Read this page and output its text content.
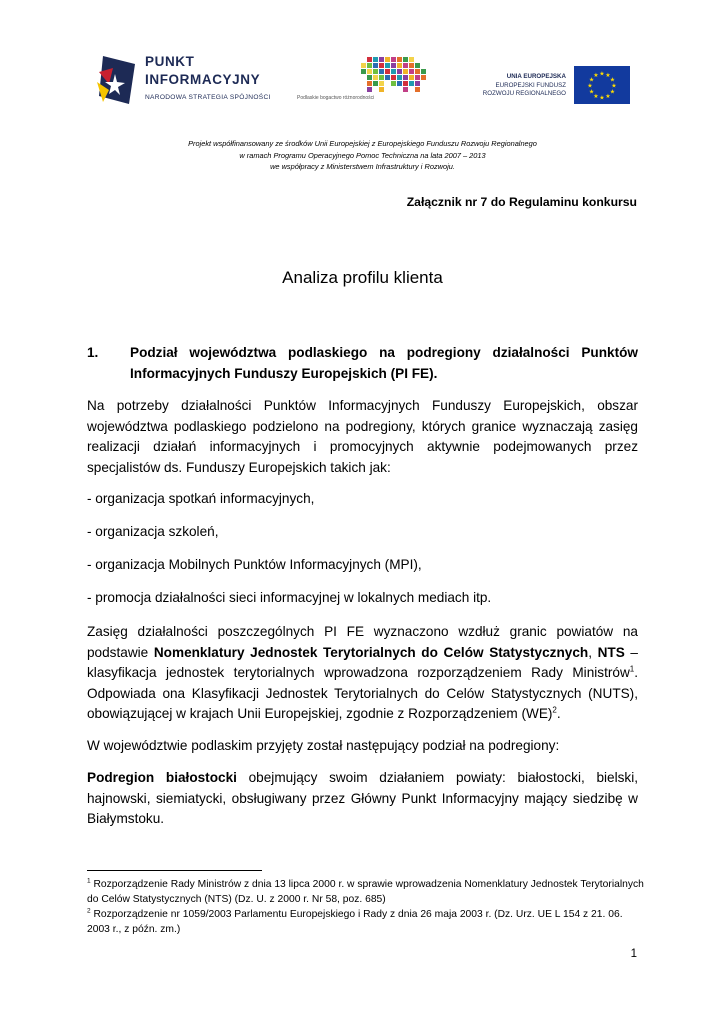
PUNKT
INFORMACYJNY
NARODOWA STRATEGIA SPÓJNOŚCI	Podlaskie bogactwo różnorodności
UNIA EUROPEJSKA
EUROPEJSKI FUNDUSZ
ROZWOJU REGIONALNEGO
★ ★
★
★
★
★
★
★
★
★
★
★
Projekt współfinansowany ze środków Unii Europejskiej z Europejskiego Funduszu Rozwoju Regionalnego
w ramach Programu Operacyjnego Pomoc Techniczna na lata 2007 – 2013
we współpracy z Ministerstwem Infrastruktury i Rozwoju.
Załącznik nr 7 do Regulaminu konkursu
Analiza profilu klienta
1. Podział województwa podlaskiego na podregiony działalności Punktów Informacyjnych Funduszy Europejskich (PI FE).
Na potrzeby działalności Punktów Informacyjnych Funduszy Europejskich, obszar województwa podlaskiego podzielono na podregiony, których granice wyznaczają zasięg realizacji działań informacyjnych i promocyjnych aktywnie podejmowanych przez specjalistów ds. Funduszy Europejskich takich jak:
- organizacja spotkań informacyjnych,
- organizacja szkoleń,
- organizacja Mobilnych Punktów Informacyjnych (MPI),
- promocja działalności sieci informacyjnej w lokalnych mediach itp.
Zasięg działalności poszczególnych PI FE wyznaczono wzdłuż granic powiatów na podstawie Nomenklatury Jednostek Terytorialnych do Celów Statystycznych, NTS – klasyfikacja jednostek terytorialnych wprowadzona rozporządzeniem Rady Ministrów$^1$. Odpowiada ona Klasyfikacji Jednostek Terytorialnych do Celów Statystycznych (NUTS), obowiązującej w krajach Unii Europejskiej, zgodnie z Rozporządzeniem (WE)$^2$.
W województwie podlaskim przyjęty został następujący podział na podregiony:
Podregion białostocki obejmujący swoim działaniem powiaty: białostocki, bielski, hajnowski, siemiatycki, obsługiwany przez Główny Punkt Informacyjny mający siedzibę w Białymstoku.
$^1$ Rozporządzenie Rady Ministrów z dnia 13 lipca 2000 r. w sprawie wprowadzenia Nomenklatury Jednostek Terytorialnych do Celów Statystycznych (NTS) (Dz. U. z 2000 r. Nr 58, poz. 685)
$^2$ Rozporządzenie nr 1059/2003 Parlamentu Europejskiego i Rady z dnia 26 maja 2003 r. (Dz. Urz. UE L 154 z 21. 06. 2003 r., z późn. zm.)
1
